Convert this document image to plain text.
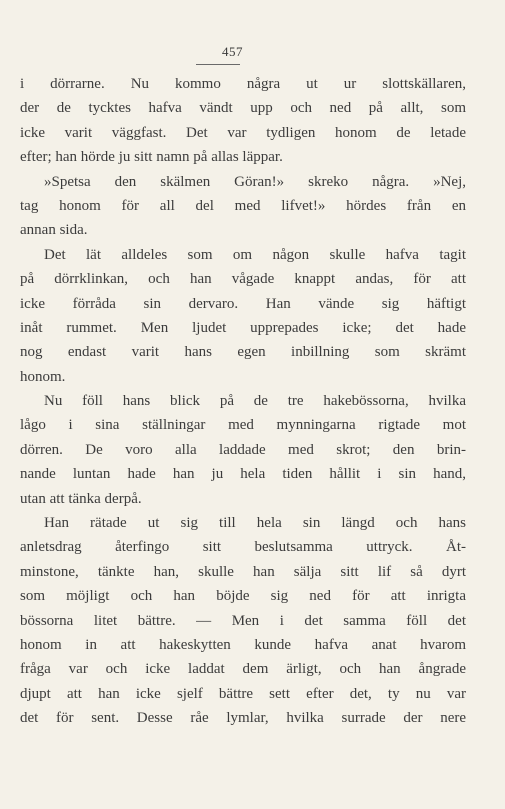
457
i dörrarne. Nu kommo några ut ur slottskällaren,
der de tycktes hafva vändt upp och ned på allt, som
icke varit väggfast. Det var tydligen honom de letade
efter; han hörde ju sitt namn på allas läppar.
»Spetsa den skälmen Göran!» skreko några. »Nej,
tag honom för all del med lifvet!» hördes från en
annan sida.
Det lät alldeles som om någon skulle hafva tagit
på dörrklinkan, och han vågade knappt andas, för att
icke förråda sin dervaro. Han vände sig häftigt
inåt rummet. Men ljudet upprepades icke; det hade
nog endast varit hans egen inbillning som skrämt
honom.
Nu föll hans blick på de tre hakebössorna, hvilka
lågo i sina ställningar med mynningarna rigtade mot
dörren. De voro alla laddade med skrot; den brin-
nande luntan hade han ju hela tiden hållit i sin hand,
utan att tänka derpå.
Han rätade ut sig till hela sin längd och hans
anletsdrag återfingo sitt beslutsamma uttryck. Åt-
minstone, tänkte han, skulle han sälja sitt lif så dyrt
som möjligt och han böjde sig ned för att inrigta
bössorna litet bättre. — Men i det samma föll det
honom in att hakeskytten kunde hafva anat hvarom
fråga var och icke laddat dem ärligt, och han ångrade
djupt att han icke sjelf bättre sett efter det, ty nu var
det för sent. Desse råe lymlar, hvilka surrade der nere
